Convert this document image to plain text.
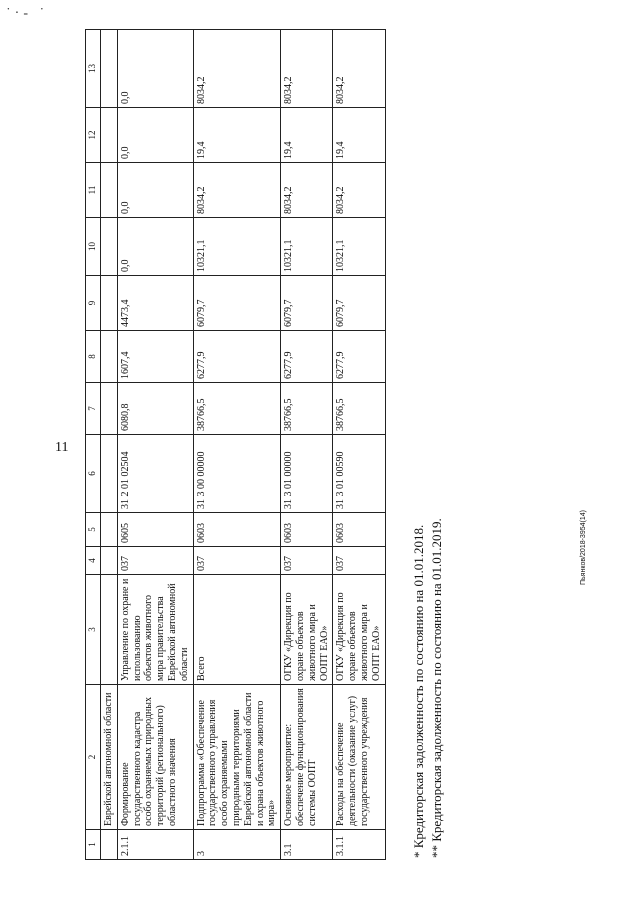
˙·- ˙
1	2	3	4	5	6	7	8	9	10	11	12	13
	Еврейской автономной области											
2.1.1	Формирование государственного кадастра особо охраняемых природных территорий (регионального) областного значения	Управление по охране и использованию объектов животного мира правительства Еврейской автономной области	037	0605	31 2 01 02504	6080,8	1607,4	4473,4	0,0	0,0	0,0	0,0
3	Подпрограмма «Обеспечение государственного управления особо охраняемыми природными территориями Еврейской автономной области и охрана объектов животного мира»	Всего	037	0603	31 3 00 00000	38766,5	6277,9	6079,7	10321,1	8034,2	19,4	8034,2
3.1	Основное мероприятие: обеспечение функционирования системы ООПТ	ОГКУ «Дирекция по охране объектов животного мира и ООПТ ЕАО»	037	0603	31 3 01 00000	38766,5	6277,9	6079,7	10321,1	8034,2	19,4	8034,2
3.1.1	Расходы на обеспечение деятельности (оказание услуг) государственного учреждения	ОГКУ «Дирекция по охране объектов животного мира и ООПТ ЕАО»	037	0603	31 3 01 00590	38766,5	6277,9	6079,7	10321,1	8034,2	19,4	8034,2
* Кредиторская задолженность по состоянию на 01.01.2018. ** Кредиторская задолженность по состоянию на 01.01.2019.
11
Пьянков/2018-3954(14)
